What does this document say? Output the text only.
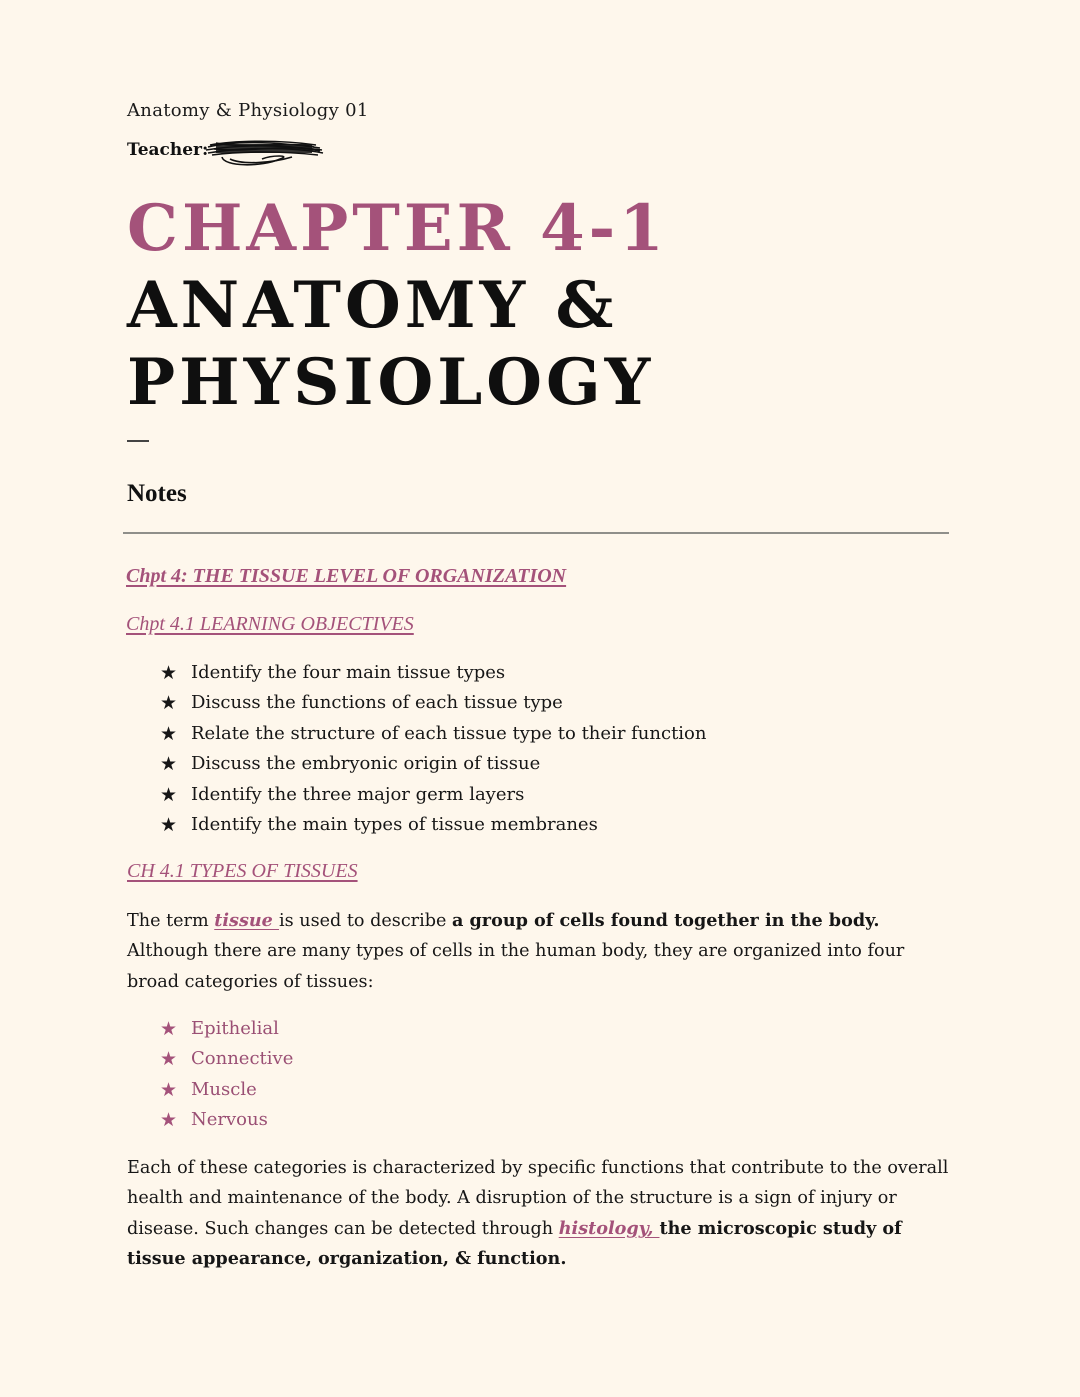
Anatomy & Physiology 01
Teacher:
CHAPTER 4-1
ANATOMY &
PHYSIOLOGY
Notes
Chpt 4: THE TISSUE LEVEL OF ORGANIZATION
Chpt 4.1 LEARNING OBJECTIVES
★ Identify the four main tissue types
★ Discuss the functions of each tissue type
★ Relate the structure of each tissue type to their function
★ Discuss the embryonic origin of tissue
★ Identify the three major germ layers
★ Identify the main types of tissue membranes
CH 4.1 TYPES OF TISSUES

The term tissue is used to describe a group of cells found together in the body. Although there are many types of cells in the human body, they are organized into four broad categories of tissues:

★ Epithelial
★ Connective
★ Muscle
★ Nervous

Each of these categories is characterized by specific functions that contribute to the overall health and maintenance of the body. A disruption of the structure is a sign of injury or disease. Such changes can be detected through histology, the microscopic study of tissue appearance, organization, & function.
